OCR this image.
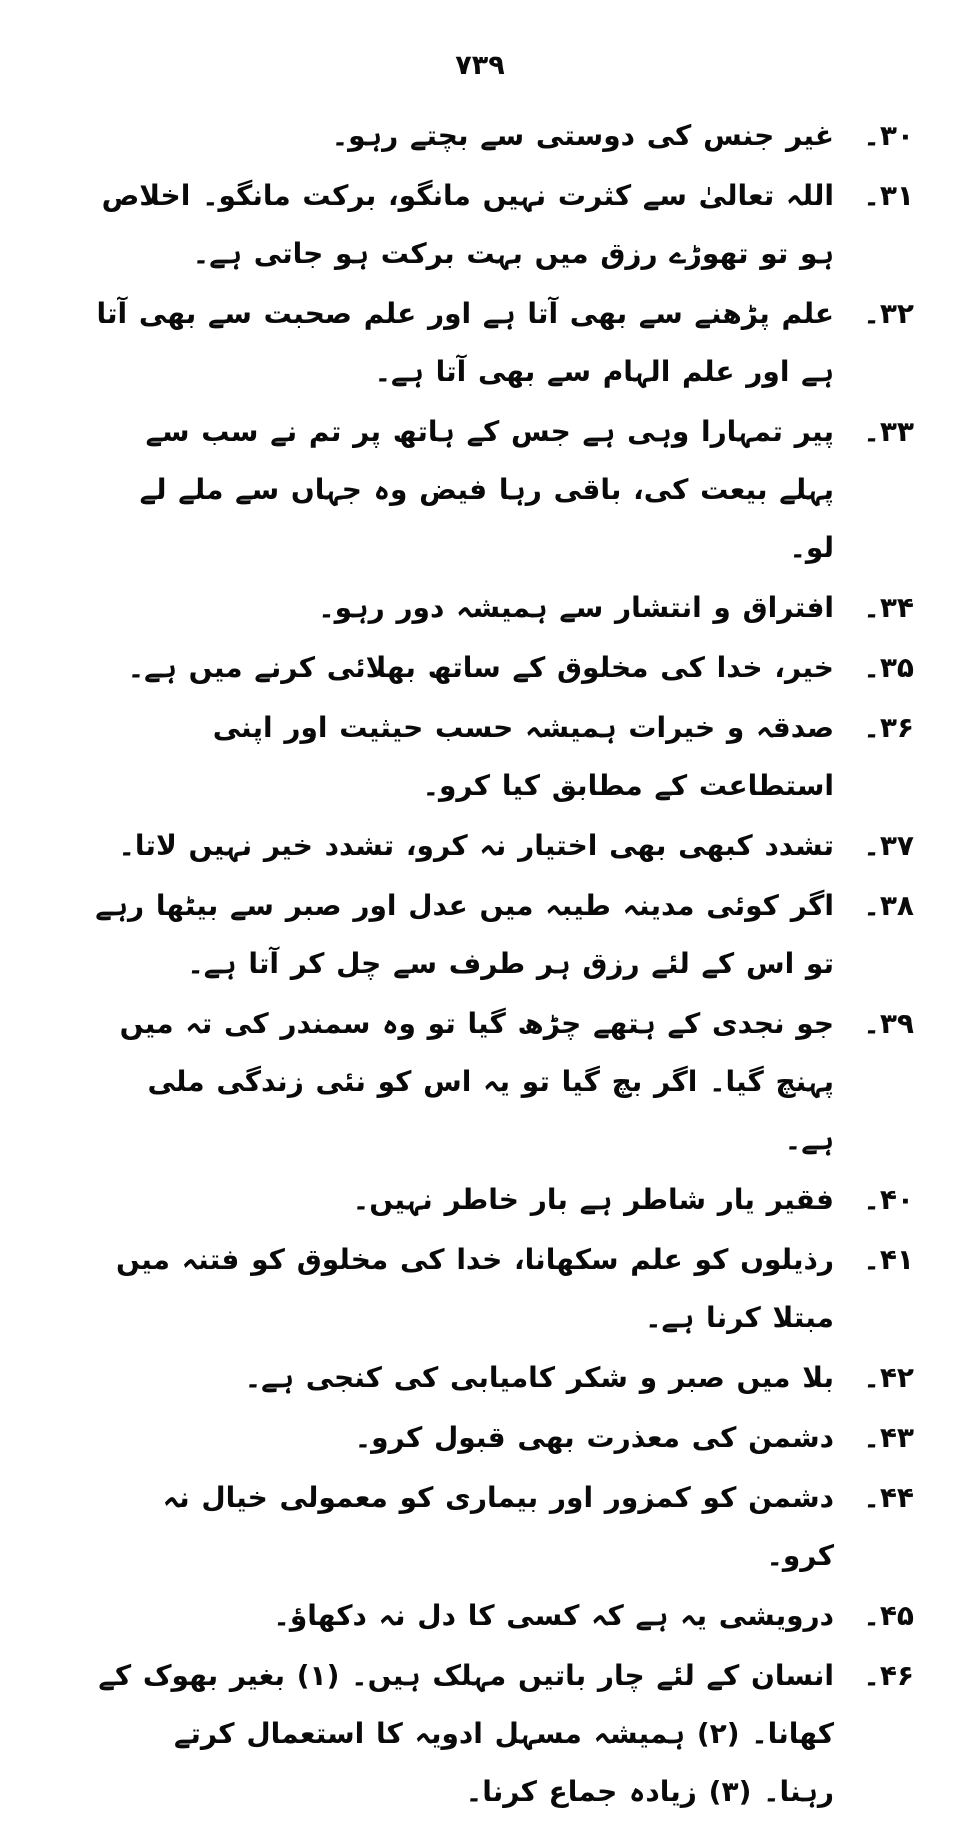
۷۳۹
۳۰۔
غیر جنس کی دوستی سے بچتے رہو۔
۳۱۔
اللہ تعالیٰ سے کثرت نہیں مانگو، برکت مانگو۔ اخلاص ہو تو تھوڑے رزق میں بہت برکت ہو جاتی ہے۔
۳۲۔
علم پڑھنے سے بھی آتا ہے اور علم صحبت سے بھی آتا ہے اور علم الہام سے بھی آتا ہے۔
۳۳۔
پیر تمہارا وہی ہے جس کے ہاتھ پر تم نے سب سے پہلے بیعت کی، باقی رہا فیض وہ جہاں سے ملے لے لو۔
۳۴۔
افتراق و انتشار سے ہمیشہ دور رہو۔
۳۵۔
خیر، خدا کی مخلوق کے ساتھ بھلائی کرنے میں ہے۔
۳۶۔
صدقہ و خیرات ہمیشہ حسب حیثیت اور اپنی استطاعت کے مطابق کیا کرو۔
۳۷۔
تشدد کبھی بھی اختیار نہ کرو، تشدد خیر نہیں لاتا۔
۳۸۔
اگر کوئی مدینہ طیبہ میں عدل اور صبر سے بیٹھا رہے تو اس کے لئے رزق ہر طرف سے چل کر آتا ہے۔
۳۹۔
جو نجدی کے ہتھے چڑھ گیا تو وہ سمندر کی تہ میں پہنچ گیا۔ اگر بچ گیا تو یہ اس کو نئی زندگی ملی ہے۔
۴۰۔
فقیر یار شاطر ہے بار خاطر نہیں۔
۴۱۔
رذیلوں کو علم سکھانا، خدا کی مخلوق کو فتنہ میں مبتلا کرنا ہے۔
۴۲۔
بلا میں صبر و شکر کامیابی کی کنجی ہے۔
۴۳۔
دشمن کی معذرت بھی قبول کرو۔
۴۴۔
دشمن کو کمزور اور بیماری کو معمولی خیال نہ کرو۔
۴۵۔
درویشی یہ ہے کہ کسی کا دل نہ دکھاؤ۔
۴۶۔
انسان کے لئے چار باتیں مہلک ہیں۔ (۱) بغیر بھوک کے کھانا۔ (۲) ہمیشہ مسہل ادویہ کا استعمال کرتے رہنا۔ (۳) زیادہ جماع کرنا۔
